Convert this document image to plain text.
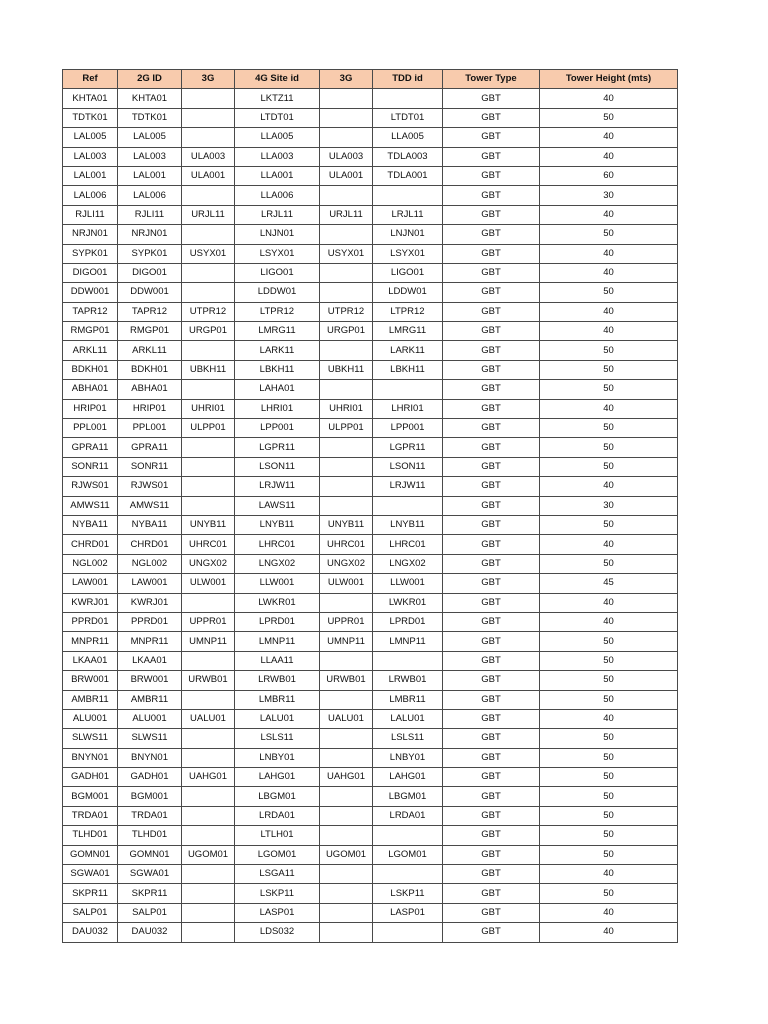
Ref	2G ID	3G	4G Site id	3G	TDD id	Tower Type	Tower Height (mts)
KHTA01	KHTA01		LKTZ11			GBT	40
TDTK01	TDTK01		LTDT01		LTDT01	GBT	50
LAL005	LAL005		LLA005		LLA005	GBT	40
LAL003	LAL003	ULA003	LLA003	ULA003	TDLA003	GBT	40
LAL001	LAL001	ULA001	LLA001	ULA001	TDLA001	GBT	60
LAL006	LAL006		LLA006			GBT	30
RJLI11	RJLI11	URJL11	LRJL11	URJL11	LRJL11	GBT	40
NRJN01	NRJN01		LNJN01		LNJN01	GBT	50
SYPK01	SYPK01	USYX01	LSYX01	USYX01	LSYX01	GBT	40
DIGO01	DIGO01		LIGO01		LIGO01	GBT	40
DDW001	DDW001		LDDW01		LDDW01	GBT	50
TAPR12	TAPR12	UTPR12	LTPR12	UTPR12	LTPR12	GBT	40
RMGP01	RMGP01	URGP01	LMRG11	URGP01	LMRG11	GBT	40
ARKL11	ARKL11		LARK11		LARK11	GBT	50
BDKH01	BDKH01	UBKH11	LBKH11	UBKH11	LBKH11	GBT	50
ABHA01	ABHA01		LAHA01			GBT	50
HRIP01	HRIP01	UHRI01	LHRI01	UHRI01	LHRI01	GBT	40
PPL001	PPL001	ULPP01	LPP001	ULPP01	LPP001	GBT	50
GPRA11	GPRA11		LGPR11		LGPR11	GBT	50
SONR11	SONR11		LSON11		LSON11	GBT	50
RJWS01	RJWS01		LRJW11		LRJW11	GBT	40
AMWS11	AMWS11		LAWS11			GBT	30
NYBA11	NYBA11	UNYB11	LNYB11	UNYB11	LNYB11	GBT	50
CHRD01	CHRD01	UHRC01	LHRC01	UHRC01	LHRC01	GBT	40
NGL002	NGL002	UNGX02	LNGX02	UNGX02	LNGX02	GBT	50
LAW001	LAW001	ULW001	LLW001	ULW001	LLW001	GBT	45
KWRJ01	KWRJ01		LWKR01		LWKR01	GBT	40
PPRD01	PPRD01	UPPR01	LPRD01	UPPR01	LPRD01	GBT	40
MNPR11	MNPR11	UMNP11	LMNP11	UMNP11	LMNP11	GBT	50
LKAA01	LKAA01		LLAA11			GBT	50
BRW001	BRW001	URWB01	LRWB01	URWB01	LRWB01	GBT	50
AMBR11	AMBR11		LMBR11		LMBR11	GBT	50
ALU001	ALU001	UALU01	LALU01	UALU01	LALU01	GBT	40
SLWS11	SLWS11		LSLS11		LSLS11	GBT	50
BNYN01	BNYN01		LNBY01		LNBY01	GBT	50
GADH01	GADH01	UAHG01	LAHG01	UAHG01	LAHG01	GBT	50
BGM001	BGM001		LBGM01		LBGM01	GBT	50
TRDA01	TRDA01		LRDA01		LRDA01	GBT	50
TLHD01	TLHD01		LTLH01			GBT	50
GOMN01	GOMN01	UGOM01	LGOM01	UGOM01	LGOM01	GBT	50
SGWA01	SGWA01		LSGA11			GBT	40
SKPR11	SKPR11		LSKP11		LSKP11	GBT	50
SALP01	SALP01		LASP01		LASP01	GBT	40
DAU032	DAU032		LDS032			GBT	40
